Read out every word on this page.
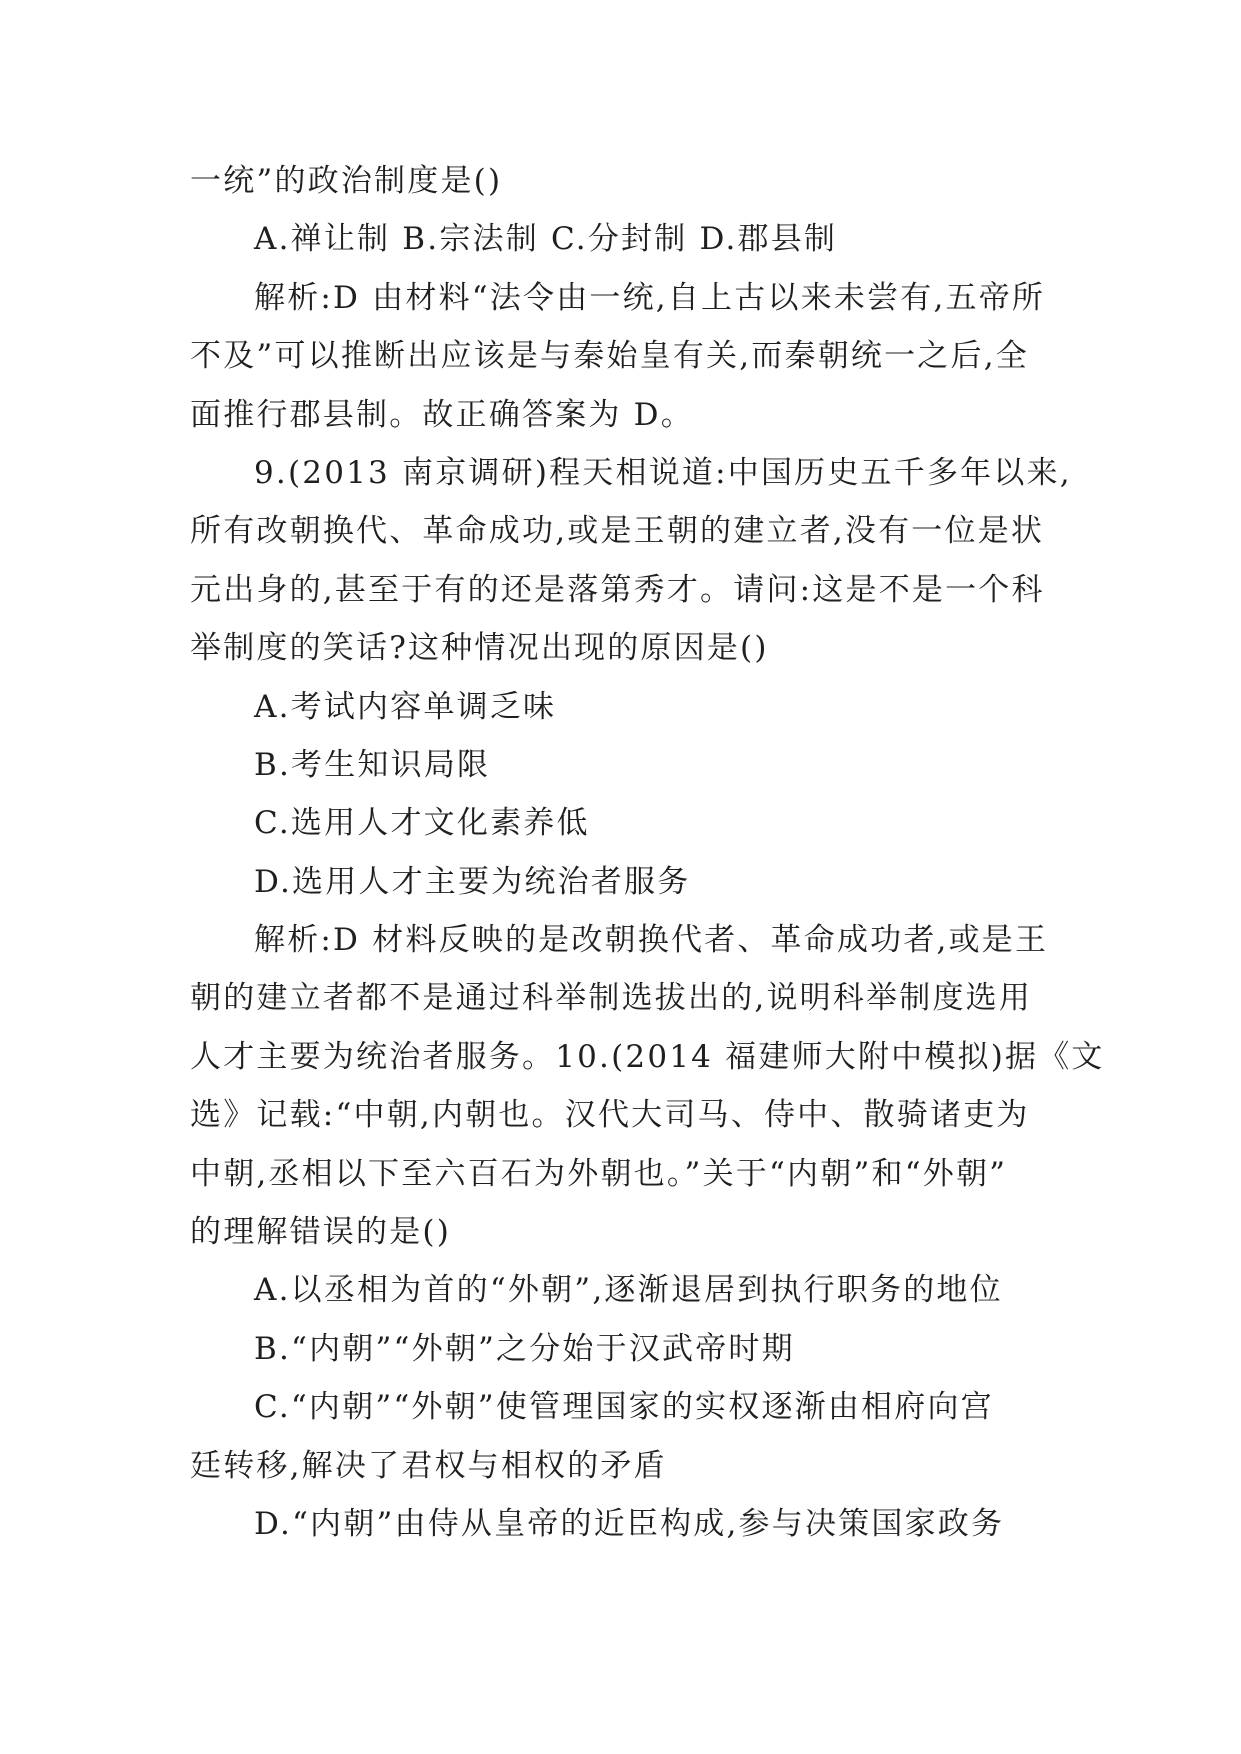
一统”的政治制度是()
A.禅让制 B.宗法制 C.分封制 D.郡县制
解析:D 由材料“法令由一统,自上古以来未尝有,五帝所
不及”可以推断出应该是与秦始皇有关,而秦朝统一之后,全
面推行郡县制。故正确答案为 D。
9.(2013 南京调研)程天相说道:中国历史五千多年以来,
所有改朝换代、革命成功,或是王朝的建立者,没有一位是状
元出身的,甚至于有的还是落第秀才。请问:这是不是一个科
举制度的笑话?这种情况出现的原因是()
A.考试内容单调乏味
B.考生知识局限
C.选用人才文化素养低
D.选用人才主要为统治者服务
解析:D 材料反映的是改朝换代者、革命成功者,或是王
朝的建立者都不是通过科举制选拔出的,说明科举制度选用
人才主要为统治者服务。10.(2014 福建师大附中模拟)据《文
选》记载:“中朝,内朝也。汉代大司马、侍中、散骑诸吏为
中朝,丞相以下至六百石为外朝也。”关于“内朝”和“外朝”
的理解错误的是()
A.以丞相为首的“外朝”,逐渐退居到执行职务的地位
B.“内朝”“外朝”之分始于汉武帝时期
C.“内朝”“外朝”使管理国家的实权逐渐由相府向宫
廷转移,解决了君权与相权的矛盾
D.“内朝”由侍从皇帝的近臣构成,参与决策国家政务
